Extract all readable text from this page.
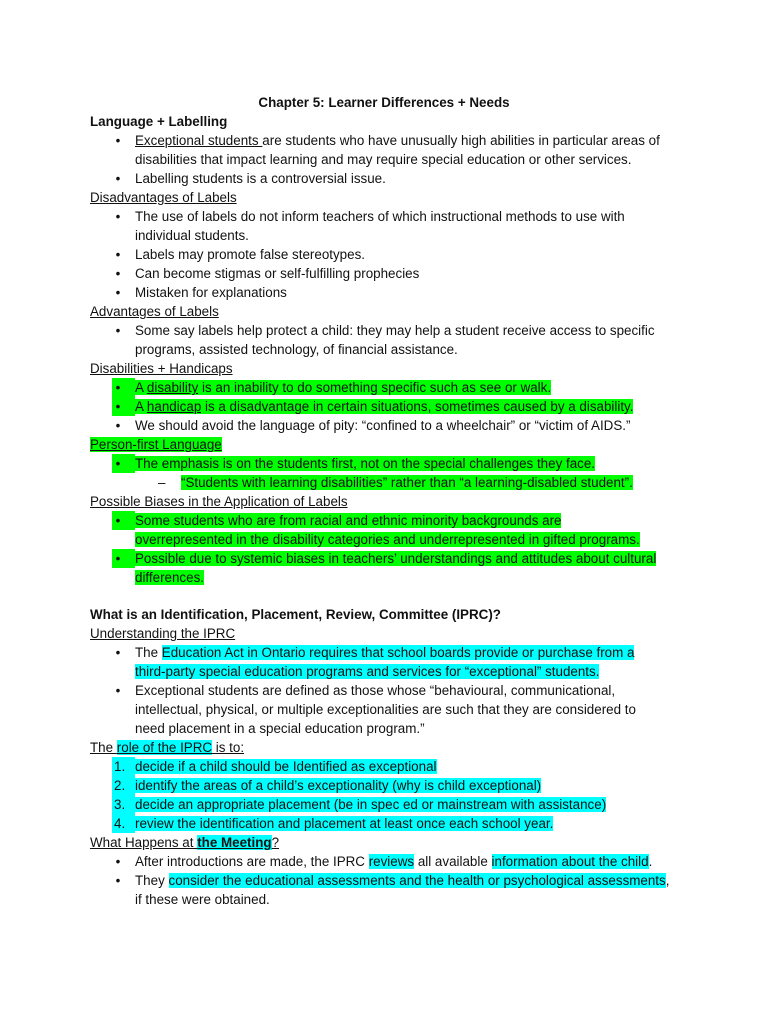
Chapter 5: Learner Differences + Needs
Language + Labelling
• Exceptional students are students who have unusually high abilities in particular areas of
disabilities that impact learning and may require special education or other services.
• Labelling students is a controversial issue.
Disadvantages of Labels
• The use of labels do not inform teachers of which instructional methods to use with
individual students.
• Labels may promote false stereotypes.
• Can become stigmas or self-fulfilling prophecies
• Mistaken for explanations
Advantages of Labels
• Some say labels help protect a child: they may help a student receive access to specific
programs, assisted technology, of financial assistance.
Disabilities + Handicaps
• A disability is an inability to do something specific such as see or walk.
• A handicap is a disadvantage in certain situations, sometimes caused by a disability.
• We should avoid the language of pity: “confined to a wheelchair” or “victim of AIDS.”
Person-first Language
• The emphasis is on the students first, not on the special challenges they face.
–	“Students with learning disabilities” rather than “a learning-disabled student”.
Possible Biases in the Application of Labels
• Some students who are from racial and ethnic minority backgrounds are
overrepresented in the disability categories and underrepresented in gifted programs.
• Possible due to systemic biases in teachers’ understandings and attitudes about cultural
differences.
What is an Identification, Placement, Review, Committee (IPRC)?
Understanding the IPRC
• The Education Act in Ontario requires that school boards provide or purchase from a
third-party special education programs and services for “exceptional” students.
• Exceptional students are defined as those whose “behavioural, communicational,
intellectual, physical, or multiple exceptionalities are such that they are considered to
need placement in a special education program.”
The role of the IPRC is to:
1. decide if a child should be Identified as exceptional
2. identify the areas of a child’s exceptionality (why is child exceptional)
3. decide an appropriate placement (be in spec ed or mainstream with assistance)
4. review the identification and placement at least once each school year.
What Happens at the Meeting?
• After introductions are made, the IPRC reviews all available information about the child.
• They consider the educational assessments and the health or psychological assessments,
if these were obtained.
